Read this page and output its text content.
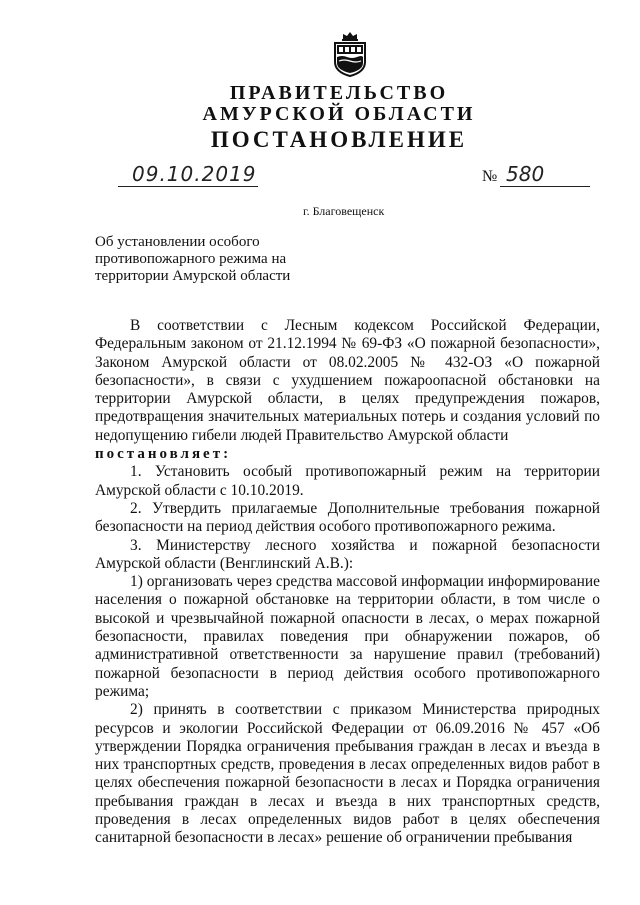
ПРАВИТЕЛЬСТВО
АМУРСКОЙ ОБЛАСТИ
ПОСТАНОВЛЕНИЕ
09.10.2019	№ 580
г. Благовещенск

Об установлении особого
противопожарного режима на
территории Амурской области

В соответствии с Лесным кодексом Российской Федерации, Федеральным законом от 21.12.1994 № 69-ФЗ «О пожарной безопасности», Законом Амурской области от 08.02.2005 № 432-ОЗ «О пожарной безопасности», в связи с ухудшением пожароопасной обстановки на территории Амурской области, в целях предупреждения пожаров, предотвращения значительных материальных потерь и создания условий по недопущению гибели людей Правительство Амурской области

постановляет:

1. Установить особый противопожарный режим на территории Амурской области с 10.10.2019.

2. Утвердить прилагаемые Дополнительные требования пожарной безопасности на период действия особого противопожарного режима.

3. Министерству лесного хозяйства и пожарной безопасности Амурской области (Венглинский А.В.):

1) организовать через средства массовой информации информирование населения о пожарной обстановке на территории области, в том числе о высокой и чрезвычайной пожарной опасности в лесах, о мерах пожарной безопасности, правилах поведения при обнаружении пожаров, об административной ответственности за нарушение правил (требований) пожарной безопасности в период действия особого противопожарного режима;

2) принять в соответствии с приказом Министерства природных ресурсов и экологии Российской Федерации от 06.09.2016 № 457 «Об утверждении Порядка ограничения пребывания граждан в лесах и въезда в них транспортных средств, проведения в лесах определенных видов работ в целях обеспечения пожарной безопасности в лесах и Порядка ограничения пребывания граждан в лесах и въезда в них транспортных средств, проведения в лесах определенных видов работ в целях обеспечения санитарной безопасности в лесах» решение об ограничении пребывания
